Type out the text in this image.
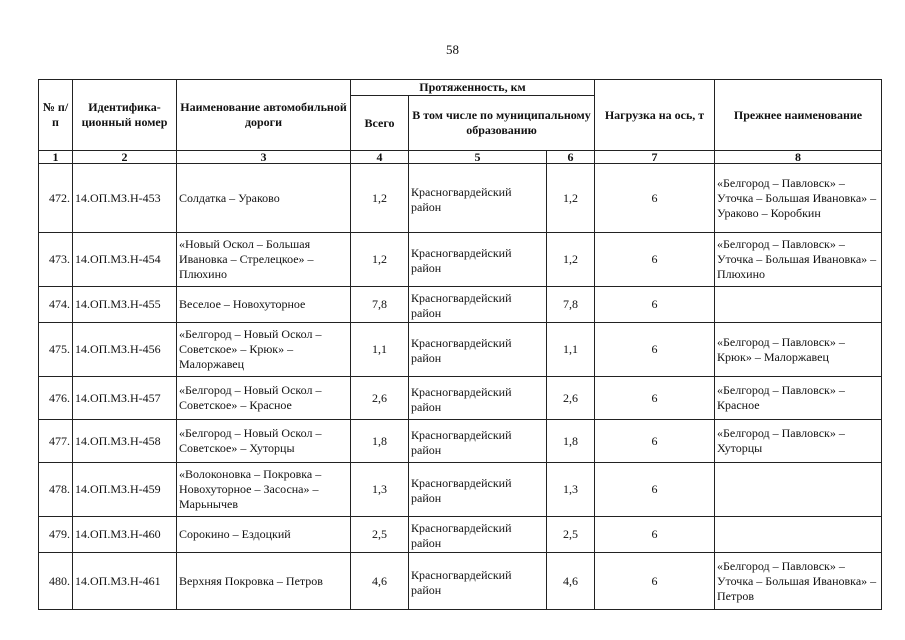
58
№ п/п	Идентифика-ционный номер	Наименование автомобильной дороги	Протяженность, км			Нагрузка на ось, т	Прежнее наименование
			Всего	В том числе по муниципальному образованию			
1	2	3	4	5	6	7	8
472.	14.ОП.МЗ.Н-453	Солдатка – Ураково	1,2	Красногвардейский район	1,2	6	«Белгород – Павловск» – Уточка – Большая Ивановка» – Ураково – Коробкин
473.	14.ОП.МЗ.Н-454	«Новый Оскол – Большая Ивановка – Стрелецкое» – Плюхино	1,2	Красногвардейский район	1,2	6	«Белгород – Павловск» – Уточка – Большая Ивановка» – Плюхино
474.	14.ОП.МЗ.Н-455	Веселое – Новохуторное	7,8	Красногвардейский район	7,8	6	
475.	14.ОП.МЗ.Н-456	«Белгород – Новый Оскол – Советское» – Крюк» – Малоржавец	1,1	Красногвардейский район	1,1	6	«Белгород – Павловск» – Крюк» – Малоржавец
476.	14.ОП.МЗ.Н-457	«Белгород – Новый Оскол – Советское» – Красное	2,6	Красногвардейский район	2,6	6	«Белгород – Павловск» – Красное
477.	14.ОП.МЗ.Н-458	«Белгород – Новый Оскол – Советское» – Хуторцы	1,8	Красногвардейский район	1,8	6	«Белгород – Павловск» – Хуторцы
478.	14.ОП.МЗ.Н-459	«Волоконовка – Покровка – Новохуторное – Засосна» – Марьнычев	1,3	Красногвардейский район	1,3	6	
479.	14.ОП.МЗ.Н-460	Сорокино – Ездоцкий	2,5	Красногвардейский район	2,5	6	
480.	14.ОП.МЗ.Н-461	Верхняя Покровка – Петров	4,6	Красногвардейский район	4,6	6	«Белгород – Павловск» – Уточка – Большая Ивановка» – Петров
